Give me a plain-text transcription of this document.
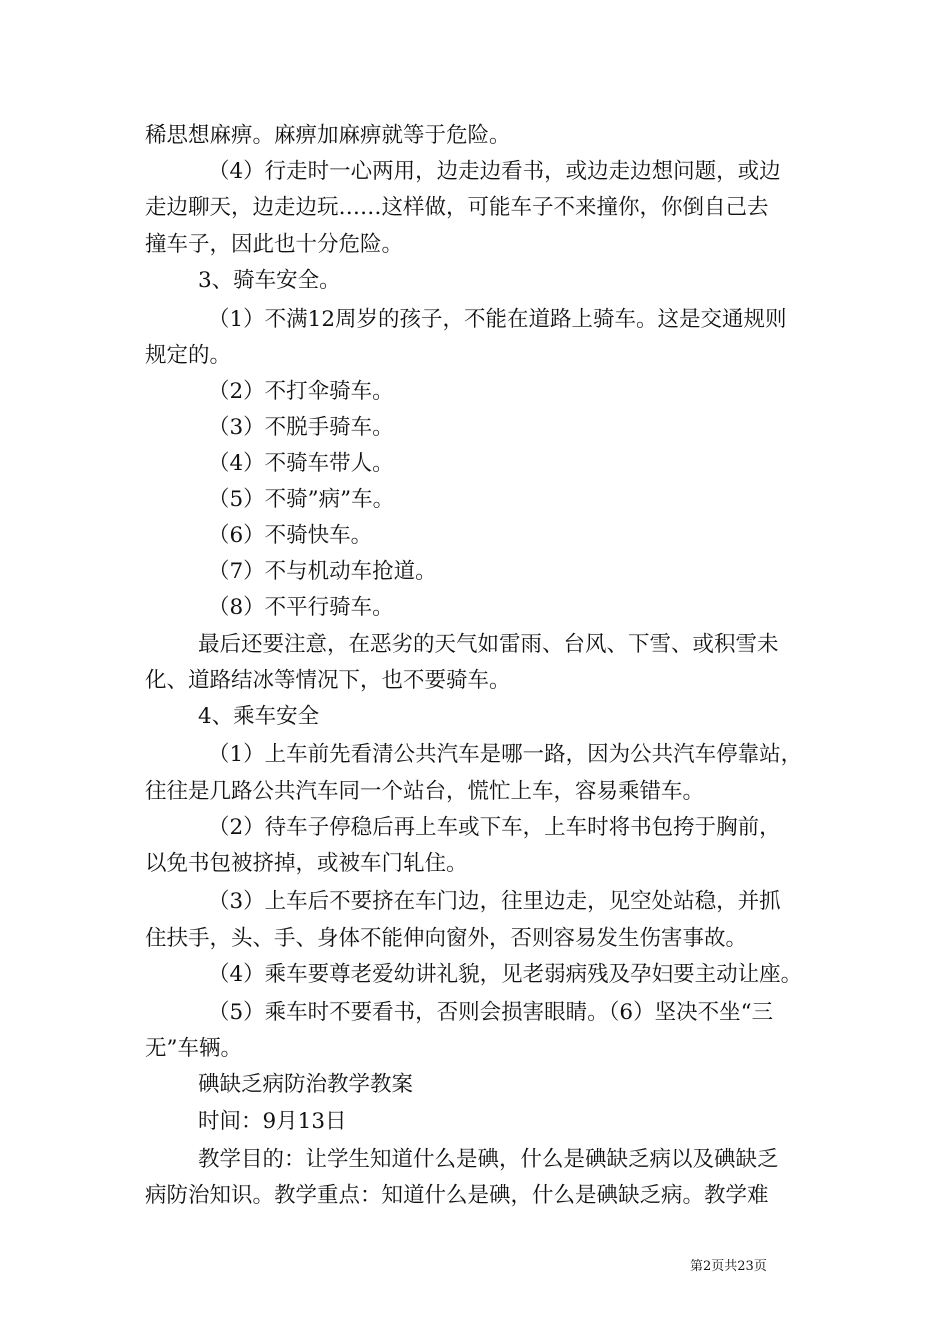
稀思想麻痹。麻痹加麻痹就等于危险。
（4）行走时一心两用，边走边看书，或边走边想问题，或边
走边聊天，边走边玩……这样做，可能车子不来撞你，你倒自己去
撞车子，因此也十分危险。
3、骑车安全。
（1）不满12周岁的孩子，不能在道路上骑车。这是交通规则
规定的。
（2）不打伞骑车。
（3）不脱手骑车。
（4）不骑车带人。
（5）不骑”病”车。
（6）不骑快车。
（7）不与机动车抢道。
（8）不平行骑车。
最后还要注意，在恶劣的天气如雷雨、台风、下雪、或积雪未
化、道路结冰等情况下，也不要骑车。
4、乘车安全
（1）上车前先看清公共汽车是哪一路，因为公共汽车停靠站，
往往是几路公共汽车同一个站台，慌忙上车，容易乘错车。
（2）待车子停稳后再上车或下车，上车时将书包挎于胸前，
以免书包被挤掉，或被车门轧住。
（3）上车后不要挤在车门边，往里边走，见空处站稳，并抓
住扶手，头、手、身体不能伸向窗外，否则容易发生伤害事故。
（4）乘车要尊老爱幼讲礼貌，见老弱病残及孕妇要主动让座。
（5）乘车时不要看书，否则会损害眼睛。（6）坚决不坐“三
无”车辆。
碘缺乏病防治教学教案
时间：9月13日
教学目的：让学生知道什么是碘，什么是碘缺乏病以及碘缺乏
病防治知识。教学重点：知道什么是碘，什么是碘缺乏病。教学难
第2页共23页
